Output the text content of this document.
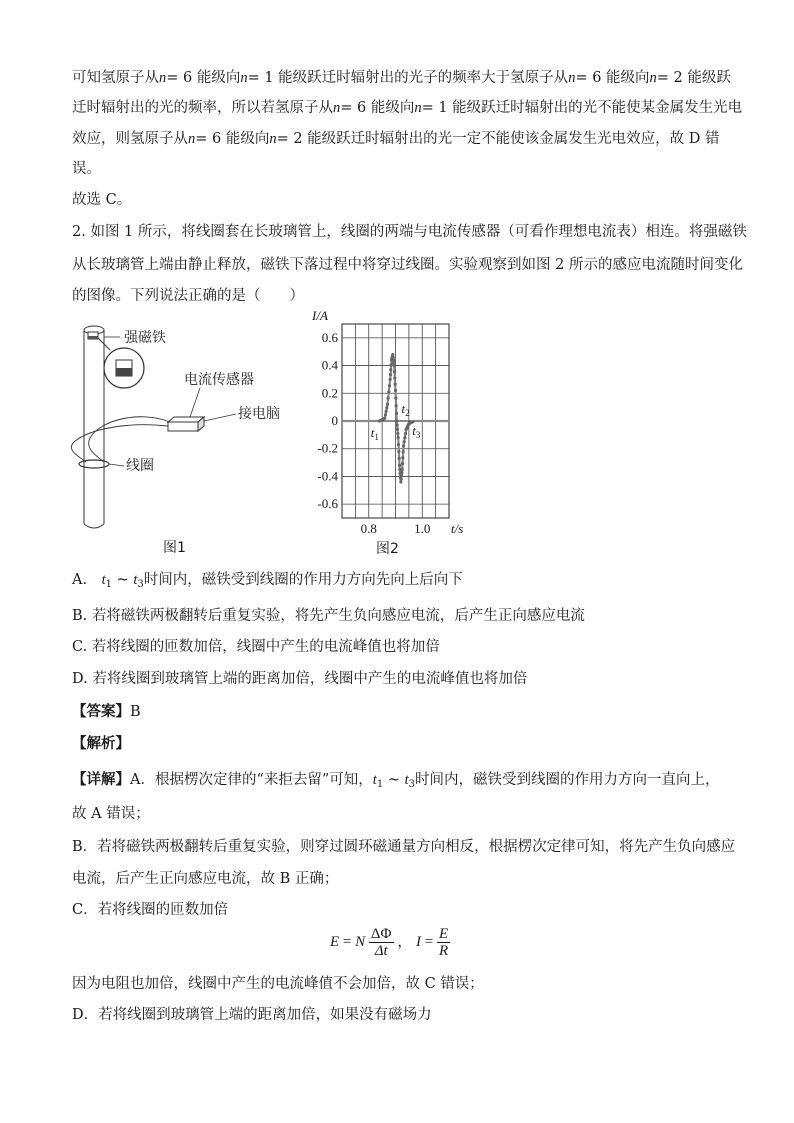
可知氢原子从n= 6 能级向n= 1 能级跃迁时辐射出的光子的频率大于氢原子从n= 6 能级向n= 2 能级跃
迁时辐射出的光的频率，所以若氢原子从n= 6 能级向n= 1 能级跃迁时辐射出的光不能使某金属发生光电
效应，则氢原子从n= 6 能级向n= 2 能级跃迁时辐射出的光一定不能使该金属发生光电效应，故 D 错
误。
故选 C。
2. 如图 1 所示，将线圈套在长玻璃管上，线圈的两端与电流传感器（可看作理想电流表）相连。将强磁铁
从长玻璃管上端由静止释放，磁铁下落过程中将穿过线圈。实验观察到如图 2 所示的感应电流随时间变化
的图像。下列说法正确的是（　　）
强磁铁
电流传感器
接电脑
线圈
图1
0.6
0.4
0.2
0
-0.2
-0.4
-0.6
0.8	1.0
$t_1$
$t_2$
$t_3$
I/A
t/s
图2
A.　$t_1$ ~ $t_3$时间内，磁铁受到线圈的作用力方向先向上后向下
B. 若将磁铁两极翻转后重复实验，将先产生负向感应电流，后产生正向感应电流
C. 若将线圈的匝数加倍，线圈中产生的电流峰值也将加倍
D. 若将线圈到玻璃管上端的距离加倍，线圈中产生的电流峰值也将加倍
【答案】B
【解析】
【详解】A．根据楞次定律的“来拒去留”可知，$t_1$ ~ $t_3$时间内，磁铁受到线圈的作用力方向一直向上，
故 A 错误；
B．若将磁铁两极翻转后重复实验，则穿过圆环磁通量方向相反，根据楞次定律可知，将先产生负向感应
电流，后产生正向感应电流，故 B 正确；
C．若将线圈的匝数加倍
E = N $\frac{\Delta\Phi}{\Delta t}$ ， $I = \frac{E}{R}$
因为电阻也加倍，线圈中产生的电流峰值不会加倍，故 C 错误；
D．若将线圈到玻璃管上端的距离加倍，如果没有磁场力
